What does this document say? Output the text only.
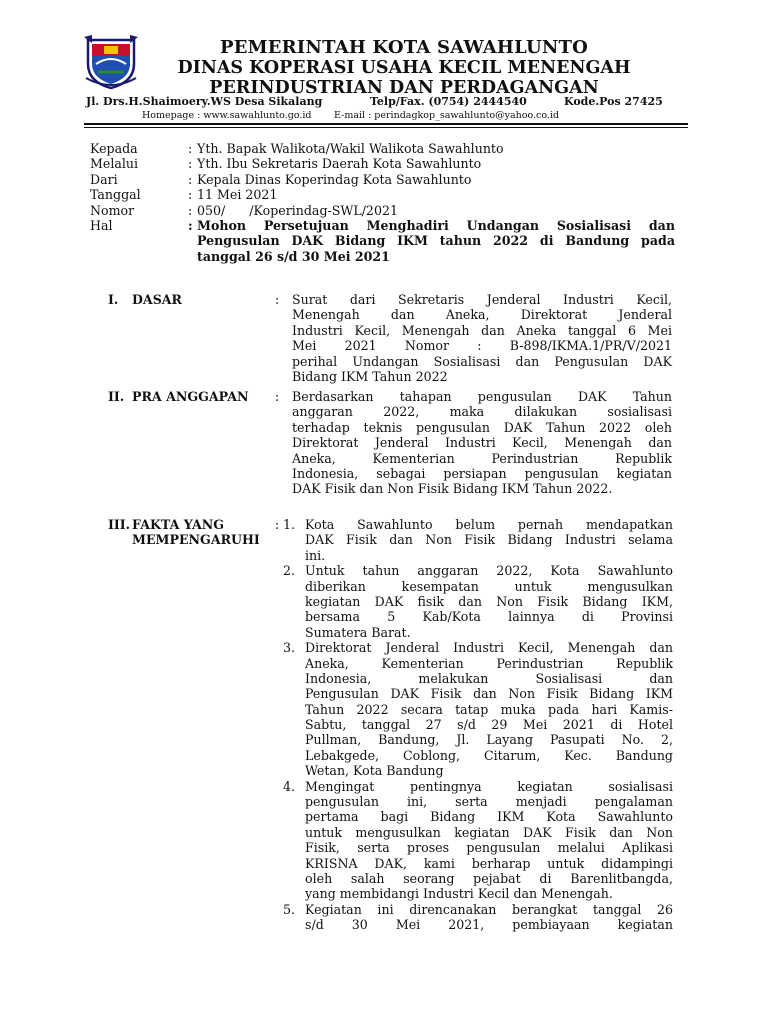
PEMERINTAH KOTA SAWAHLUNTO
DINAS KOPERASI USAHA KECIL MENENGAH
PERINDUSTRIAN DAN PERDAGANGAN
Jl. Drs.H.Shaimoery.WS Desa Sikalang	Telp/Fax. (0754) 2444540	Kode.Pos 27425
Homepage : www.sawahlunto.go.id E-mail : perindagkop_sawahlunto@yahoo.co.id
Kepada	: Yth. Bapak Walikota/Wakil Walikota Sawahlunto
Melalui	: Yth. Ibu Sekretaris Daerah Kota Sawahlunto
Dari	: Kepala Dinas Koperindag Kota Sawahlunto
Tanggal	: 11 Mei 2021
Nomor	: 050/      /Koperindag-SWL/2021
Hal	: Mohon Persetujuan Menghadiri Undangan Sosialisasi dan
Pengusulan DAK Bidang IKM tahun 2022 di Bandung pada
tanggal 26 s/d 30 Mei 2021
I. DASAR	: Surat dari Sekretaris Jenderal Industri Kecil,
Menengah dan Aneka, Direktorat Jenderal
Industri Kecil, Menengah dan Aneka tanggal 6 Mei
Mei 2021 Nomor : B-898/IKMA.1/PR/V/2021
perihal Undangan Sosialisasi dan Pengusulan DAK
Bidang IKM Tahun 2022
II. PRA ANGGAPAN	: Berdasarkan tahapan pengusulan DAK Tahun
anggaran 2022, maka dilakukan sosialisasi
terhadap teknis pengusulan DAK Tahun 2022 oleh
Direktorat Jenderal Industri Kecil, Menengah dan
Aneka, Kementerian Perindustrian Republik
Indonesia, sebagai persiapan pengusulan kegiatan
DAK Fisik dan Non Fisik Bidang IKM Tahun 2022.
III. FAKTA YANG
MEMPENGARUHI
: 1. Kota Sawahlunto belum pernah mendapatkan
DAK Fisik dan Non Fisik Bidang Industri selama
ini.
2. Untuk tahun anggaran 2022, Kota Sawahlunto
diberikan kesempatan untuk mengusulkan
kegiatan DAK fisik dan Non Fisik Bidang IKM,
bersama 5 Kab/Kota lainnya di Provinsi
Sumatera Barat.
3. Direktorat Jenderal Industri Kecil, Menengah dan
Aneka, Kementerian Perindustrian Republik
Indonesia, melakukan Sosialisasi dan
Pengusulan DAK Fisik dan Non Fisik Bidang IKM
Tahun 2022 secara tatap muka pada hari Kamis-
Sabtu, tanggal 27 s/d 29 Mei 2021 di Hotel
Pullman, Bandung, Jl. Layang Pasupati No. 2,
Lebakgede, Coblong, Citarum, Kec. Bandung
Wetan, Kota Bandung
4. Mengingat pentingnya kegiatan sosialisasi
pengusulan ini, serta menjadi pengalaman
pertama bagi Bidang IKM Kota Sawahlunto
untuk mengusulkan kegiatan DAK Fisik dan Non
Fisik, serta proses pengusulan melalui Aplikasi
KRISNA DAK, kami berharap untuk didampingi
oleh salah seorang pejabat di Barenlitbangda,
yang membidangi Industri Kecil dan Menengah.
5. Kegiatan ini direncanakan berangkat tanggal 26
s/d 30 Mei 2021, pembiayaan kegiatan
